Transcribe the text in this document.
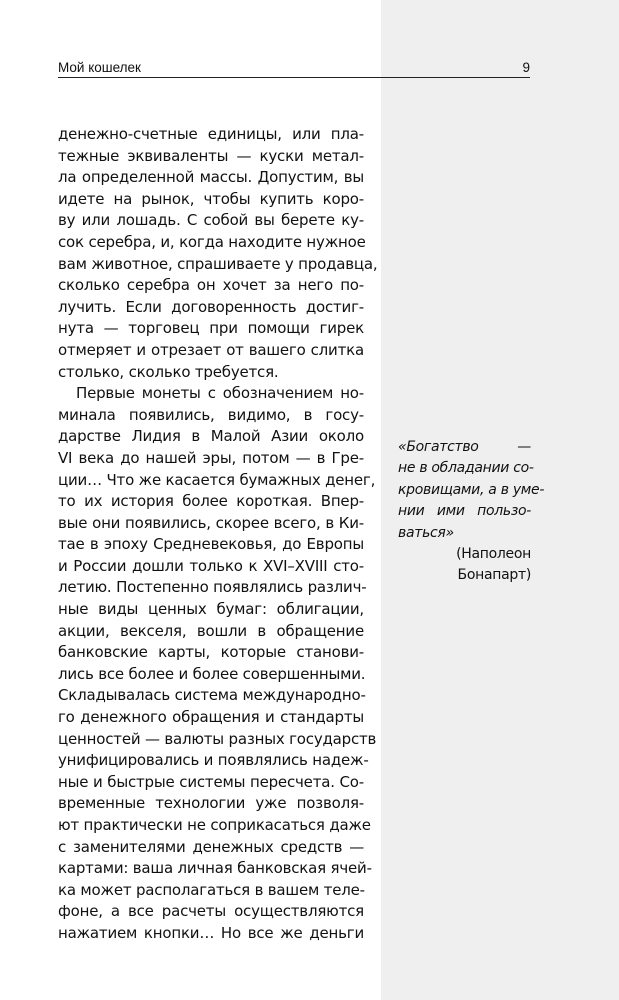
Мой кошелек	9
денежно-счетные единицы, или пла-
тежные эквиваленты — куски метал-
ла определенной массы. Допустим, вы
идете на рынок, чтобы купить коро-
ву или лошадь. С собой вы берете ку-
сок серебра, и, когда находите нужное
вам животное, спрашиваете у продавца,
сколько серебра он хочет за него по-
лучить. Если договоренность достиг-
нута — торговец при помощи гирек
отмеряет и отрезает от вашего слитка
столько, сколько требуется.
Первые монеты с обозначением но-
минала появились, видимо, в госу-
дарстве Лидия в Малой Азии около
VI века до нашей эры, потом — в Гре-
ции… Что же касается бумажных денег,
то их история более короткая. Впер-
вые они появились, скорее всего, в Ки-
тае в эпоху Средневековья, до Европы
и России дошли только к XVI–XVIII сто-
летию. Постепенно появлялись различ-
ные виды ценных бумаг: облигации,
акции, векселя, вошли в обращение
банковские карты, которые станови-
лись все более и более совершенными.
Складывалась система международно-
го денежного обращения и стандарты
ценностей — валюты разных государств
унифицировались и появлялись надеж-
ные и быстрые системы пересчета. Со-
временные технологии уже позволя-
ют практически не соприкасаться даже
с заменителями денежных средств —
картами: ваша личная банковская ячей-
ка может располагаться в вашем теле-
фоне, а все расчеты осуществляются
нажатием кнопки… Но все же деньги
«Богатство —
не в обладании со-
кровищами, а в уме-
нии ими пользо-
ваться»
(Наполеон
Бонапарт)
